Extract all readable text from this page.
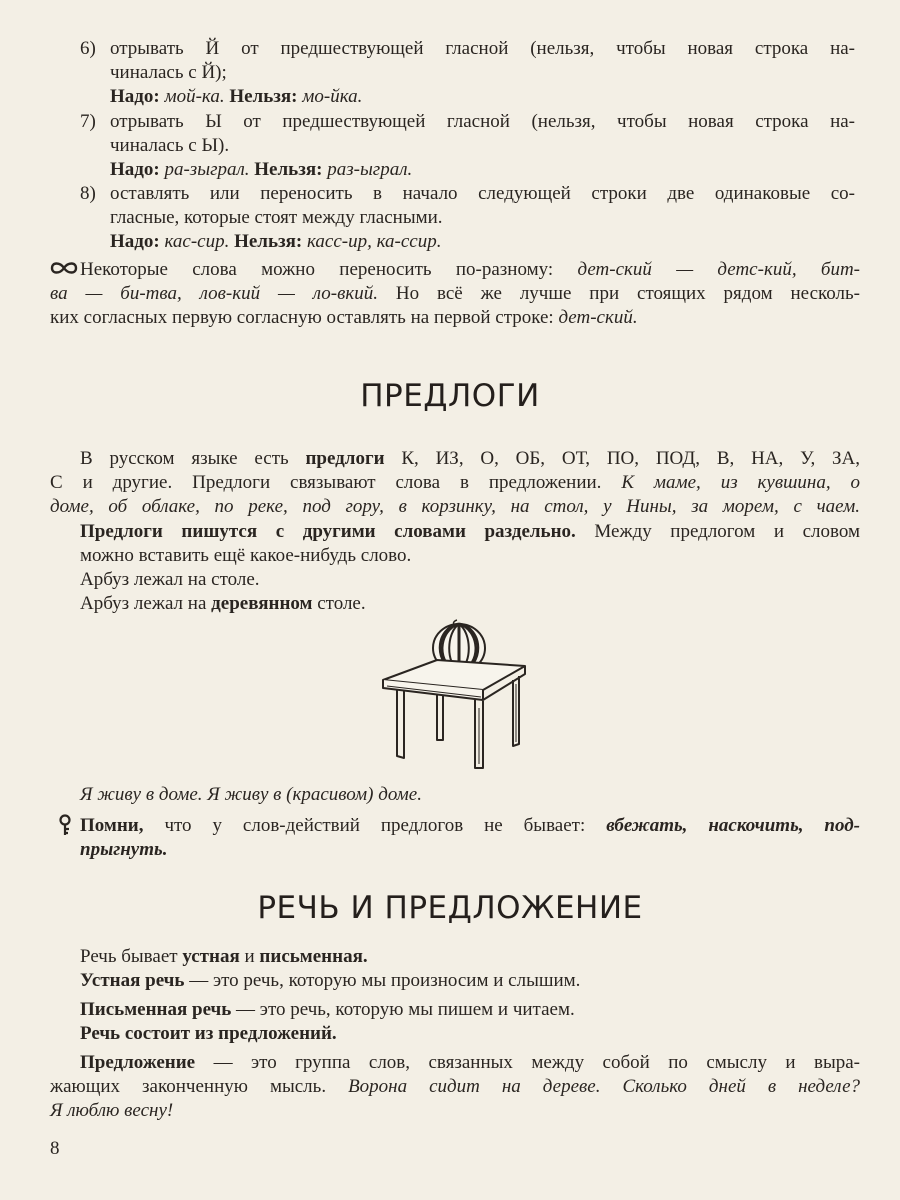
6) отрывать Й от предшествующей гласной (нельзя, чтобы новая строка на-
чиналась с Й);
Надо: мой-ка. Нельзя: мо-йка.
7) отрывать Ы от предшествующей гласной (нельзя, чтобы новая строка на-
чиналась с Ы).
Надо: ра-зыграл. Нельзя: раз-ыграл.
8) оставлять или переносить в начало следующей строки две одинаковые со-
гласные, которые стоят между гласными.
Надо: кас-сир. Нельзя: касс-ир, ка-ссир.
Некоторые слова можно переносить по-разному: дет-ский — детс-кий, бит-
ва — би-тва, лов-кий — ло-вкий. Но всё же лучше при стоящих рядом несколь-
ких согласных первую согласную оставлять на первой строке: дет-ский.
ПРЕДЛОГИ
В русском языке есть предлоги К, ИЗ, О, ОБ, ОТ, ПО, ПОД, В, НА, У, ЗА,
С и другие. Предлоги связывают слова в предложении. К маме, из кувшина, о
доме, об облаке, по реке, под гору, в корзинку, на стол, у Нины, за морем, с чаем.
Предлоги пишутся с другими словами раздельно. Между предлогом и словом
можно вставить ещё какое-нибудь слово.
Арбуз лежал на столе.
Арбуз лежал на деревянном столе.
Я живу в доме. Я живу в (красивом) доме.
Помни, что у слов-действий предлогов не бывает: вбежать, наскочить, под-
прыгнуть.
РЕЧЬ И ПРЕДЛОЖЕНИЕ
Речь бывает устная и письменная.
Устная речь — это речь, которую мы произносим и слышим.
Письменная речь — это речь, которую мы пишем и читаем.
Речь состоит из предложений.
Предложение — это группа слов, связанных между собой по смыслу и выра-
жающих законченную мысль. Ворона сидит на дереве. Сколько дней в неделе?
Я люблю весну!
8
